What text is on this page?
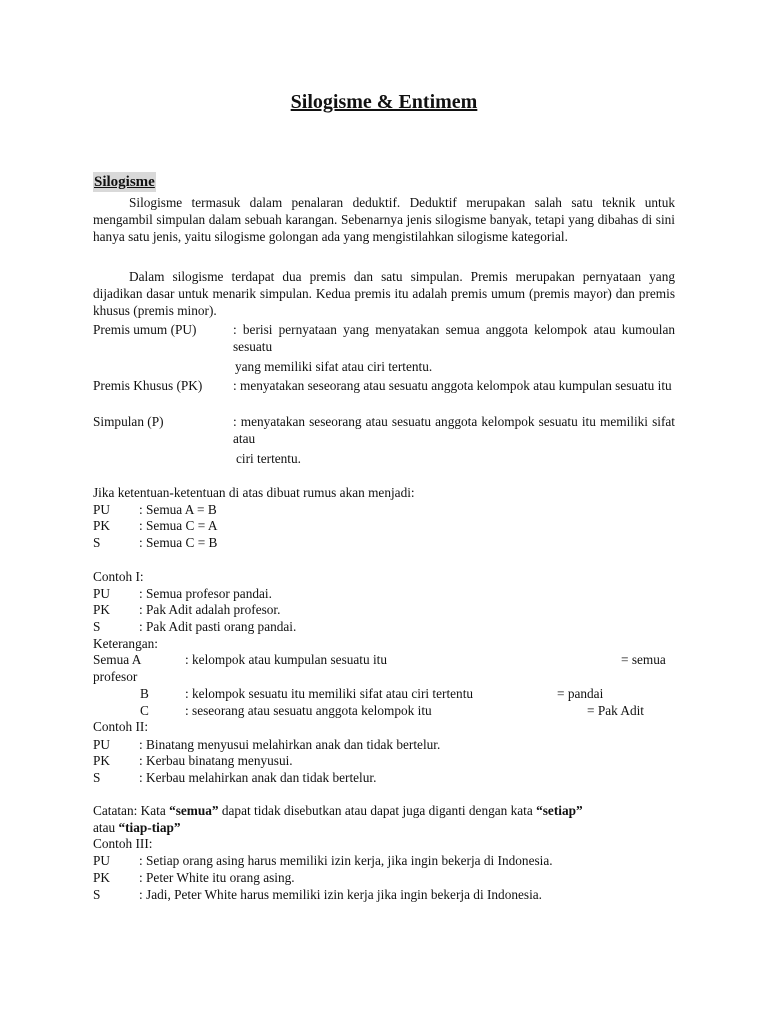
Silogisme & Entimem
Silogisme
Silogisme termasuk dalam penalaran deduktif. Deduktif merupakan salah satu teknik untuk mengambil simpulan dalam sebuah karangan. Sebenarnya jenis silogisme banyak, tetapi yang dibahas di sini hanya satu jenis, yaitu silogisme golongan ada yang mengistilahkan silogisme kategorial.
Dalam silogisme terdapat dua premis dan satu simpulan. Premis merupakan pernyataan yang dijadikan dasar untuk menarik simpulan. Kedua premis itu adalah premis umum (premis mayor) dan premis khusus (premis minor).
Premis umum (PU)	: berisi pernyataan yang menyatakan semua anggota kelompok atau kumoulan sesuatu
yang memiliki sifat atau ciri tertentu.
Premis Khusus (PK) : menyatakan seseorang atau sesuatu anggota kelompok atau kumpulan sesuatu itu
Simpulan (P)	: menyatakan seseorang atau sesuatu anggota kelompok sesuatu itu memiliki sifat atau
ciri tertentu.
Jika ketentuan-ketentuan di atas dibuat rumus akan menjadi:
PU : Semua A = B
PK : Semua C = A
S	: Semua C = B
Contoh I:
PU : Semua profesor pandai.
PK : Pak Adit adalah profesor.
S	: Pak Adit pasti orang pandai.
Keterangan:
Semua A	: kelompok atau kumpulan sesuatu itu	= semua
profesor
B	: kelompok sesuatu itu memiliki sifat atau ciri tertentu	= pandai
C	: seseorang atau sesuatu anggota kelompok itu	= Pak Adit
Contoh II:
PU : Binatang menyusui melahirkan anak dan tidak bertelur.
PK : Kerbau binatang menyusui.
S	: Kerbau melahirkan anak dan tidak bertelur.
Catatan: Kata “semua” dapat tidak disebutkan atau dapat juga diganti dengan kata “setiap”
atau “tiap-tiap”
Contoh III:
PU : Setiap orang asing harus memiliki izin kerja, jika ingin bekerja di Indonesia.
PK : Peter White itu orang asing.
S	: Jadi, Peter White harus memiliki izin kerja jika ingin bekerja di Indonesia.
